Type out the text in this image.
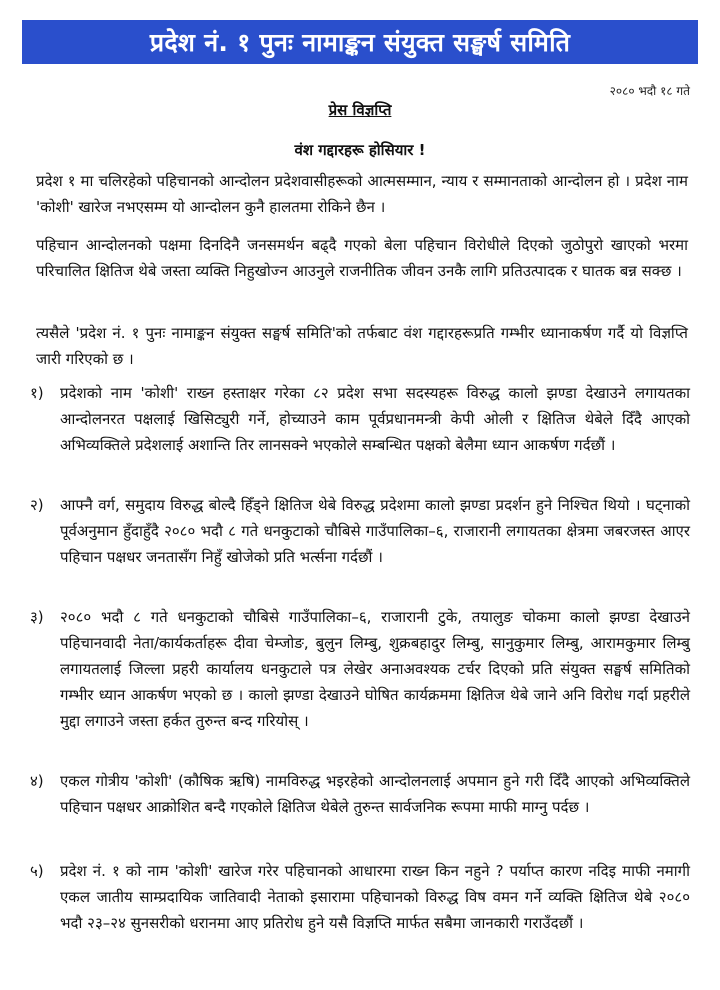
प्रदेश नं. १ पुनः नामाङ्कन संयुक्त सङ्घर्ष समिति
२०८० भदौ १८ गते
प्रेस विज्ञप्ति
वंश गद्दारहरू होसियार !

प्रदेश १ मा चलिरहेको पहिचानको आन्दोलन प्रदेशवासीहरूको आत्मसम्मान, न्याय र सम्मानताको आन्दोलन हो । प्रदेश नाम 'कोशी' खारेज नभएसम्म यो आन्दोलन कुनै हालतमा रोकिने छैन ।

पहिचान आन्दोलनको पक्षमा दिनदिनै जनसमर्थन बढ्दै गएको बेला पहिचान विरोधीले दिएको जुठोपुरो खाएको भरमा परिचालित क्षितिज थेबे जस्ता व्यक्ति निहुखोज्न आउनुले राजनीतिक जीवन उनकै लागि प्रतिउत्पादक र घातक बन्न सक्छ ।

त्यसैले 'प्रदेश नं. १ पुनः नामाङ्कन संयुक्त सङ्घर्ष समिति'को तर्फबाट वंश गद्दारहरूप्रति गम्भीर ध्यानाकर्षण गर्दै यो विज्ञप्ति जारी गरिएको छ ।

१)	प्रदेशको नाम 'कोशी' राख्न हस्ताक्षर गरेका ८२ प्रदेश सभा सदस्यहरू विरुद्ध कालो झण्डा देखाउने लगायतका आन्दोलनरत पक्षलाई खिसिट्युरी गर्ने, होच्याउने काम पूर्वप्रधानमन्त्री केपी ओली र क्षितिज थेबेले दिँदै आएको अभिव्यक्तिले प्रदेशलाई अशान्ति तिर लानसक्ने भएकोले सम्बन्धित पक्षको बेलैमा ध्यान आकर्षण गर्दछौं ।
२)	आफ्नै वर्ग, समुदाय विरुद्ध बोल्दै हिँड्ने क्षितिज थेबे विरुद्ध प्रदेशमा कालो झण्डा प्रदर्शन हुने निश्चित थियो । घट्नाको पूर्वअनुमान हुँदाहुँदै २०८० भदौ ८ गते धनकुटाको चौबिसे गाउँपालिका–६, राजारानी लगायतका क्षेत्रमा जबरजस्त आएर पहिचान पक्षधर जनतासँग निहुँ खोजेको प्रति भर्त्सना गर्दछौं ।
३)	२०८० भदौ ८ गते धनकुटाको चौबिसे गाउँपालिका–६, राजारानी टुके, तयालुङ चोकमा कालो झण्डा देखाउने पहिचानवादी नेता/कार्यकर्ताहरू दीवा चेम्जोङ, बुलुन लिम्बु, शुक्रबहादुर लिम्बु, सानुकुमार लिम्बु, आरामकुमार लिम्बु लगायतलाई जिल्ला प्रहरी कार्यालय धनकुटाले पत्र लेखेर अनाअवश्यक टर्चर दिएको प्रति संयुक्त सङ्घर्ष समितिको गम्भीर ध्यान आकर्षण भएको छ । कालो झण्डा देखाउने घोषित कार्यक्रममा क्षितिज थेबे जाने अनि विरोध गर्दा प्रहरीले मुद्दा लगाउने जस्ता हर्कत तुरुन्त बन्द गरियोस् ।
४)	एकल गोत्रीय 'कोशी' (कौषिक ऋषि) नामविरुद्ध भइरहेको आन्दोलनलाई अपमान हुने गरी दिँदै आएको अभिव्यक्तिले पहिचान पक्षधर आक्रोशित बन्दै गएकोले क्षितिज थेबेले तुरुन्त सार्वजनिक रूपमा माफी माग्नु पर्दछ ।
५)	प्रदेश नं. १ को नाम 'कोशी' खारेज गरेर पहिचानको आधारमा राख्न किन नहुने ? पर्याप्त कारण नदिइ माफी नमागी एकल जातीय साम्प्रदायिक जातिवादी नेताको इसारामा पहिचानको विरुद्ध विष वमन गर्ने व्यक्ति क्षितिज थेबे २०८० भदौ २३–२४ सुनसरीको धरानमा आए प्रतिरोध हुने यसै विज्ञप्ति मार्फत सबैमा जानकारी गराउँदछौं ।
